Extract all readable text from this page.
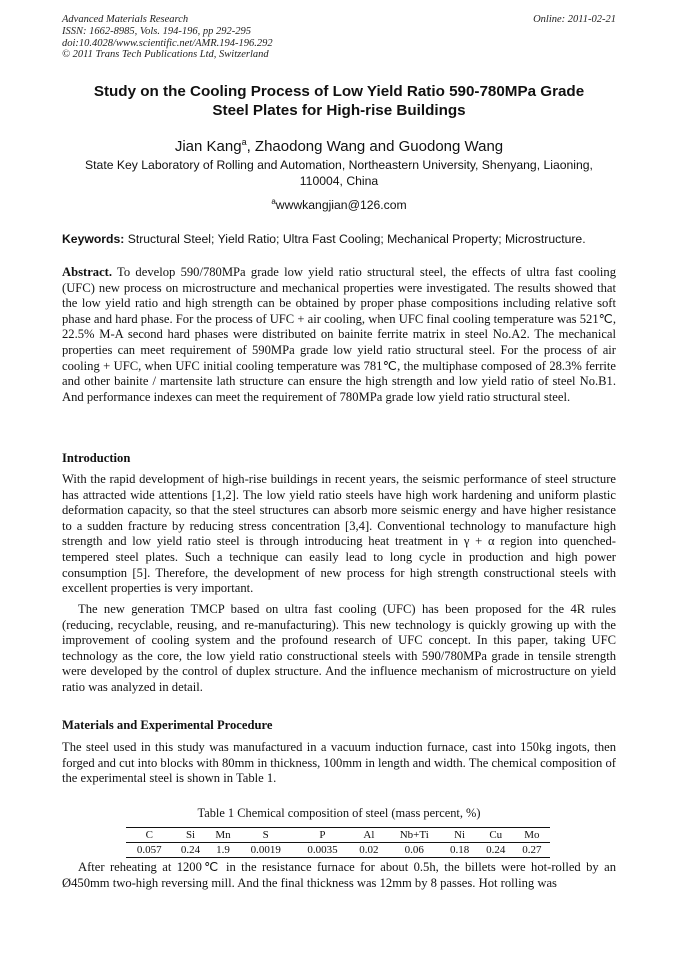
Advanced Materials Research
ISSN: 1662-8985, Vols. 194-196, pp 292-295
doi:10.4028/www.scientific.net/AMR.194-196.292
© 2011 Trans Tech Publications Ltd, Switzerland
Online: 2011-02-21
Study on the Cooling Process of Low Yield Ratio 590-780MPa Grade
Steel Plates for High-rise Buildings
Jian Kang$^a$, Zhaodong Wang and Guodong Wang
State Key Laboratory of Rolling and Automation, Northeastern University, Shenyang, Liaoning,
110004, China
$^a$wwwkangjian@126.com
Keywords: Structural Steel; Yield Ratio; Ultra Fast Cooling; Mechanical Property; Microstructure.
Abstract. To develop 590/780MPa grade low yield ratio structural steel, the effects of ultra fast cooling (UFC) new process on microstructure and mechanical properties were investigated. The results showed that the low yield ratio and high strength can be obtained by proper phase compositions including relative soft phase and hard phase. For the process of UFC + air cooling, when UFC final cooling temperature was 521℃, 22.5% M-A second hard phases were distributed on bainite ferrite matrix in steel No.A2. The mechanical properties can meet requirement of 590MPa grade low yield ratio structural steel. For the process of air cooling + UFC, when UFC initial cooling temperature was 781℃, the multiphase composed of 28.3% ferrite and other bainite / martensite lath structure can ensure the high strength and low yield ratio of steel No.B1. And performance indexes can meet the requirement of 780MPa grade low yield ratio structural steel.
Introduction
With the rapid development of high-rise buildings in recent years, the seismic performance of steel structure has attracted wide attentions [1,2]. The low yield ratio steels have high work hardening and uniform plastic deformation capacity, so that the steel structures can absorb more seismic energy and have higher resistance to a sudden fracture by reducing stress concentration [3,4]. Conventional technology to manufacture high strength and low yield ratio steel is through introducing heat treatment in γ + α region into quenched-tempered steel plates. Such a technique can easily lead to long cycle in production and high power consumption [5]. Therefore, the development of new process for high strength constructional steels with excellent properties is very important.
The new generation TMCP based on ultra fast cooling (UFC) has been proposed for the 4R rules (reducing, recyclable, reusing, and re-manufacturing). This new technology is quickly growing up with the improvement of cooling system and the profound research of UFC concept. In this paper, taking UFC technology as the core, the low yield ratio constructional steels with 590/780MPa grade in tensile strength were developed by the control of duplex structure. And the influence mechanism of microstructure on yield ratio was analyzed in detail.
Materials and Experimental Procedure
The steel used in this study was manufactured in a vacuum induction furnace, cast into 150kg ingots, then forged and cut into blocks with 80mm in thickness, 100mm in length and width. The chemical composition of the experimental steel is shown in Table 1.
Table 1 Chemical composition of steel (mass percent, %)
C	Si	Mn	S	P	Al	Nb+Ti	Ni	Cu	Mo
0.057	0.24	1.9	0.0019	0.0035	0.02	0.06	0.18	0.24	0.27
After reheating at 1200℃ in the resistance furnace for about 0.5h, the billets were hot-rolled by an Ø450mm two-high reversing mill. And the final thickness was 12mm by 8 passes. Hot rolling was
